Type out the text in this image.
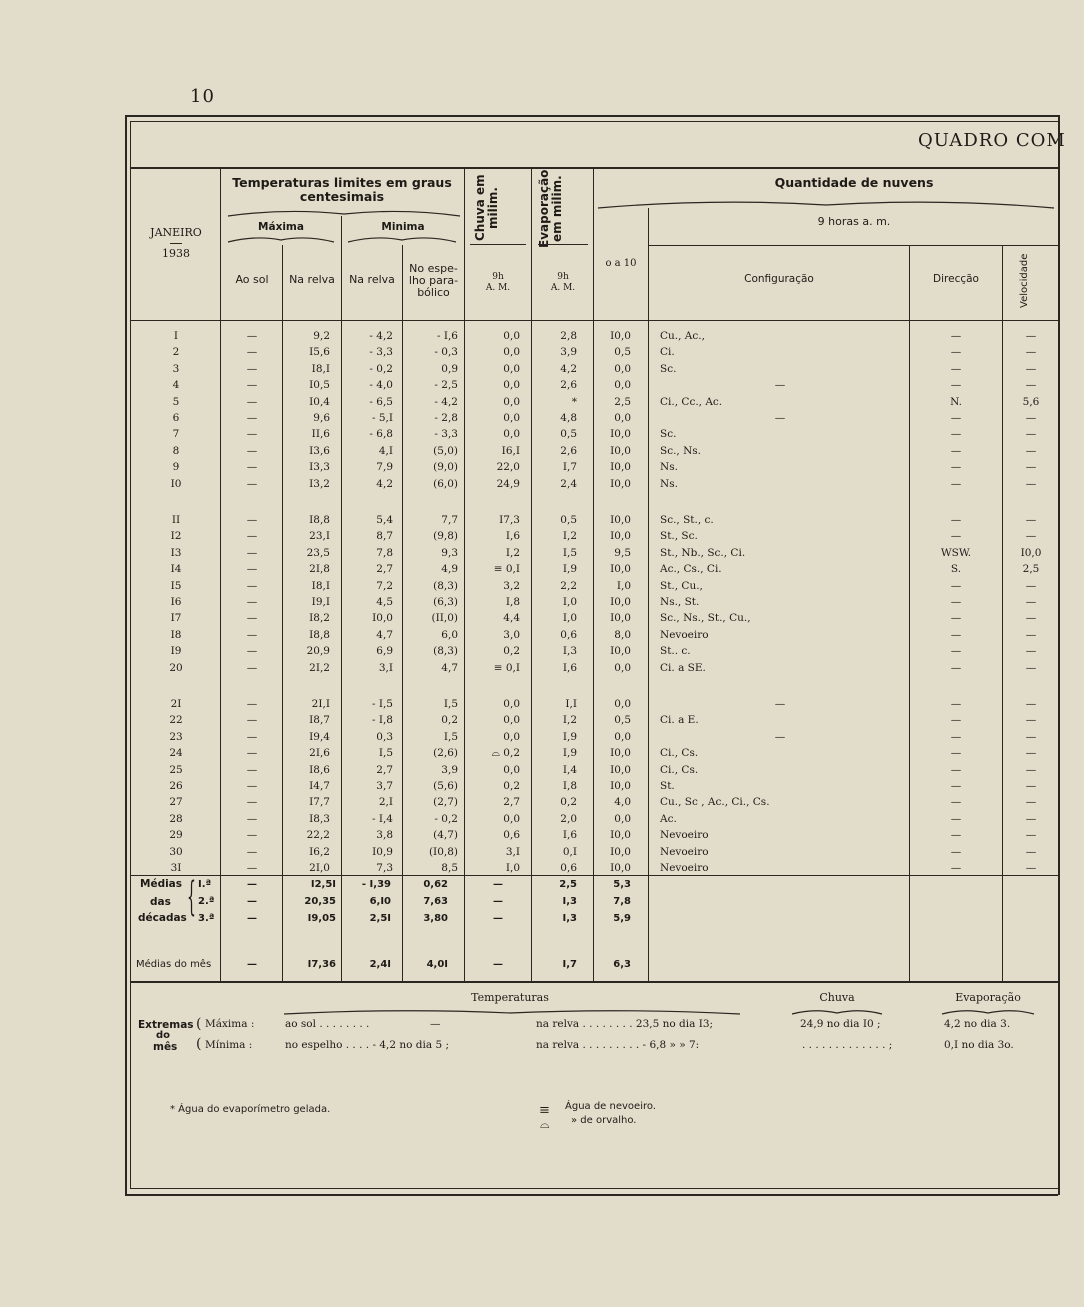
10
QUADRO COM
JANEIRO
1938
Temperaturas limites em graus
centesimais
Máxima	Minima
Ao sol	Na relva	Na relva
No espe-
lho para-
bólico
Chuva em
milim.	Evaporação
em milim.
9h
A. M.
9h
A. M.
o a 10
Quantidade de nuvens
9 horas a. m.
Configuração	Direcção	Velocidade
I	—	9,2	- 4,2	- I,6	0,0	2,8	I0,0	Cu., Ac.,	—	—
2	—	I5,6	- 3,3	- 0,3	0,0	3,9	0,5	Ci.	—	—
3	—	I8,I	- 0,2	0,9	0,0	4,2	0,0	Sc.	—	—
4	—	I0,5	- 4,0	- 2,5	0,0	2,6	0,0	—	—	—
5	—	I0,4	- 6,5	- 4,2	0,0	*	2,5	Ci., Cc., Ac.	N.	5,6
6	—	9,6	- 5,I	- 2,8	0,0	4,8	0,0	—	—	—
7	—	II,6	- 6,8	- 3,3	0,0	0,5	I0,0	Sc.	—	—
8	—	I3,6	4,I	(5,0)	I6,I	2,6	I0,0	Sc., Ns.	—	—
9	—	I3,3	7,9	(9,0)	22,0	I,7	I0,0	Ns.	—	—
I0	—	I3,2	4,2	(6,0)	24,9	2,4	I0,0	Ns.	—	—
II	—	I8,8	5,4	7,7	I7,3	0,5	I0,0	Sc., St., c.	—	—
I2	—	23,I	8,7	(9,8)	I,6	I,2	I0,0	St., Sc.	—	—
I3	—	23,5	7,8	9,3	I,2	I,5	9,5	St., Nb., Sc., Ci.	WSW.	I0,0
I4	—	2I,8	2,7	4,9	≡ 0,I	I,9	I0,0	Ac., Cs., Ci.	S.	2,5
I5	—	I8,I	7,2	(8,3)	3,2	2,2	I,0	St., Cu.,	—	—
I6	—	I9,I	4,5	(6,3)	I,8	I,0	I0,0	Ns., St.	—	—
I7	—	I8,2	I0,0	(II,0)	4,4	I,0	I0,0	Sc., Ns., St., Cu.,	—	—
I8	—	I8,8	4,7	6,0	3,0	0,6	8,0	Nevoeiro	—	—
I9	—	20,9	6,9	(8,3)	0,2	I,3	I0,0	St.. c.	—	—
20	—	2I,2	3,I	4,7	≡ 0,I	I,6	0,0	Ci. a SE.	—	—
2I	—	2I,I	- I,5	I,5	0,0	I,I	0,0	—	—	—
22	—	I8,7	- I,8	0,2	0,0	I,2	0,5	Ci. a E.	—	—
23	—	I9,4	0,3	I,5	0,0	I,9	0,0	—	—	—
24	—	2I,6	I,5	(2,6)	⌓ 0,2	I,9	I0,0	Ci., Cs.	—	—
25	—	I8,6	2,7	3,9	0,0	I,4	I0,0	Ci., Cs.	—	—
26	—	I4,7	3,7	(5,6)	0,2	I,8	I0,0	St.	—	—
27	—	I7,7	2,I	(2,7)	2,7	0,2	4,0	Cu., Sc , Ac., Ci., Cs.	—	—
28	—	I8,3	- I,4	- 0,2	0,0	2,0	0,0	Ac.	—	—
29	—	22,2	3,8	(4,7)	0,6	I,6	I0,0	Nevoeiro	—	—
30	—	I6,2	I0,9	(I0,8)	3,I	0,I	I0,0	Nevoeiro	—	—
3I	—	2I,0	7,3	8,5	I,0	0,6	I0,0	Nevoeiro	—	—
Médias
das
décadas { I.ª	—	I2,5I	- I,39	0,62	—	2,5	5,3
2.ª	—	20,35	6,I0	7,63	—	I,3	7,8
3.ª	—	I9,05	2,5I	3,80	—	I,3	5,9
Médias do mês	—	I7,36	2,4I	4,0I	—	I,7	6,3
Temperaturas	Chuva	Evaporação
Extremas
do
mês
(
(
Máxima :
Mínima :
ao sol . . . . . . . .	—	na relva . . . . . . . . 23,5 no dia I3;	24,9 no dia I0 ;	4,2 no dia 3.
no espelho . . . . - 4,2 no dia 5 ;	na relva . . . . . . . . . - 6,8 » » 7:	. . . . . . . . . . . . . ;	0,I no dia 3o.
* Água do evaporímetro gelada.	≡ Água de nevoeiro.
⌓ » de orvalho.
